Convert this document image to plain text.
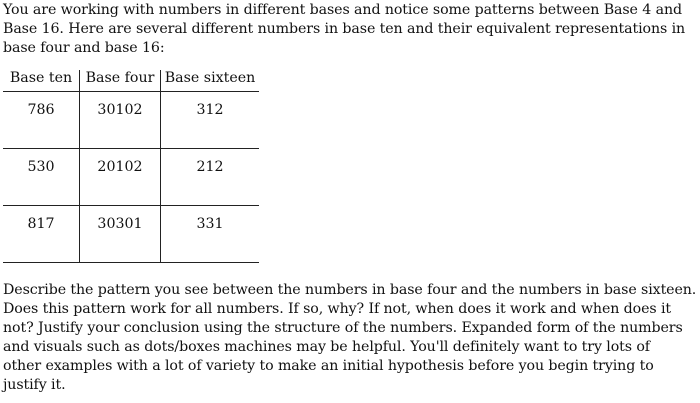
You are working with numbers in different bases and notice some patterns between Base 4 and
Base 16. Here are several different numbers in base ten and their equivalent representations in
base four and base 16:

Base ten	Base four	Base sixteen
786	30102	312
530	20102	212
817	30301	331

Describe the pattern you see between the numbers in base four and the numbers in base sixteen.
Does this pattern work for all numbers. If so, why? If not, when does it work and when does it
not? Justify your conclusion using the structure of the numbers. Expanded form of the numbers
and visuals such as dots/boxes machines may be helpful. You'll definitely want to try lots of
other examples with a lot of variety to make an initial hypothesis before you begin trying to
justify it.
